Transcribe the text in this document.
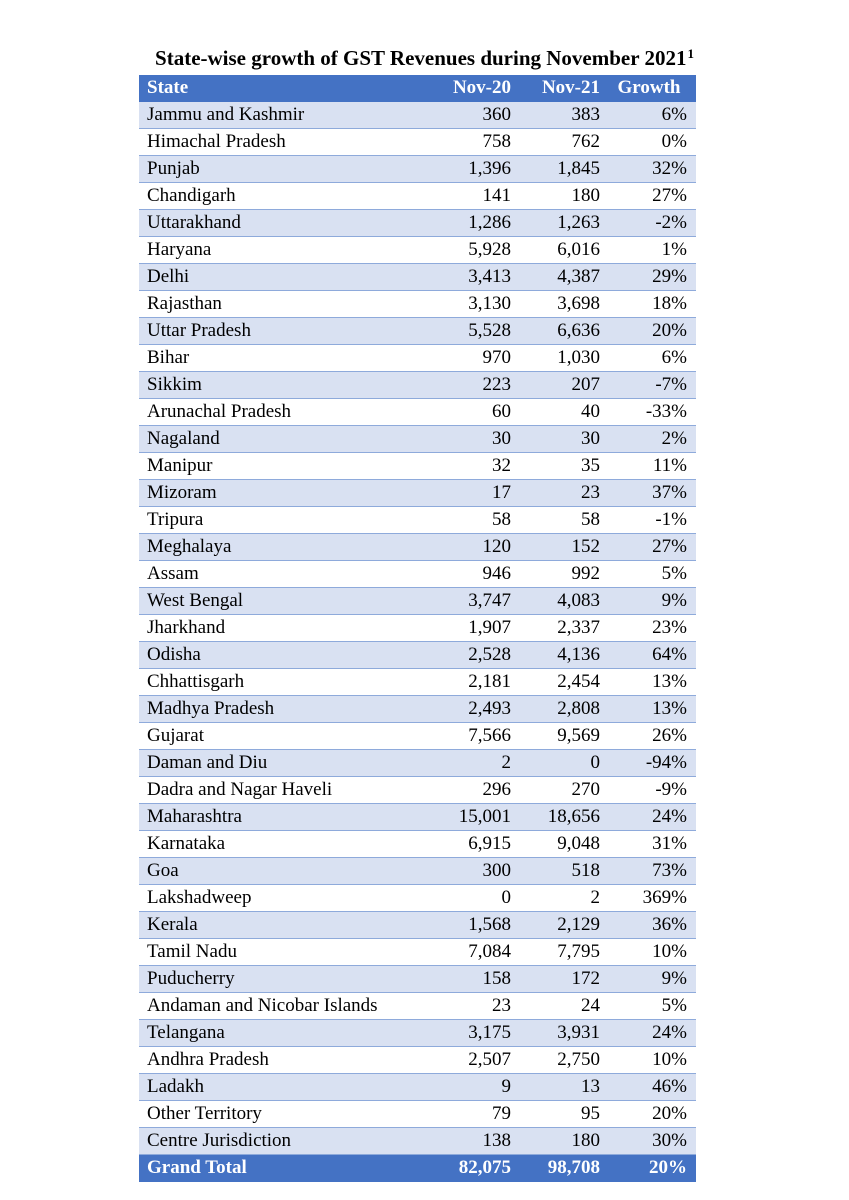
State-wise growth of GST Revenues during November 2021$^1$
State	Nov-20	Nov-21	Growth
Jammu and Kashmir	360	383	6%
Himachal Pradesh	758	762	0%
Punjab	1,396	1,845	32%
Chandigarh	141	180	27%
Uttarakhand	1,286	1,263	-2%
Haryana	5,928	6,016	1%
Delhi	3,413	4,387	29%
Rajasthan	3,130	3,698	18%
Uttar Pradesh	5,528	6,636	20%
Bihar	970	1,030	6%
Sikkim	223	207	-7%
Arunachal Pradesh	60	40	-33%
Nagaland	30	30	2%
Manipur	32	35	11%
Mizoram	17	23	37%
Tripura	58	58	-1%
Meghalaya	120	152	27%
Assam	946	992	5%
West Bengal	3,747	4,083	9%
Jharkhand	1,907	2,337	23%
Odisha	2,528	4,136	64%
Chhattisgarh	2,181	2,454	13%
Madhya Pradesh	2,493	2,808	13%
Gujarat	7,566	9,569	26%
Daman and Diu	2	0	-94%
Dadra and Nagar Haveli	296	270	-9%
Maharashtra	15,001	18,656	24%
Karnataka	6,915	9,048	31%
Goa	300	518	73%
Lakshadweep	0	2	369%
Kerala	1,568	2,129	36%
Tamil Nadu	7,084	7,795	10%
Puducherry	158	172	9%
Andaman and Nicobar Islands	23	24	5%
Telangana	3,175	3,931	24%
Andhra Pradesh	2,507	2,750	10%
Ladakh	9	13	46%
Other Territory	79	95	20%
Centre Jurisdiction	138	180	30%
Grand Total	82,075	98,708	20%
